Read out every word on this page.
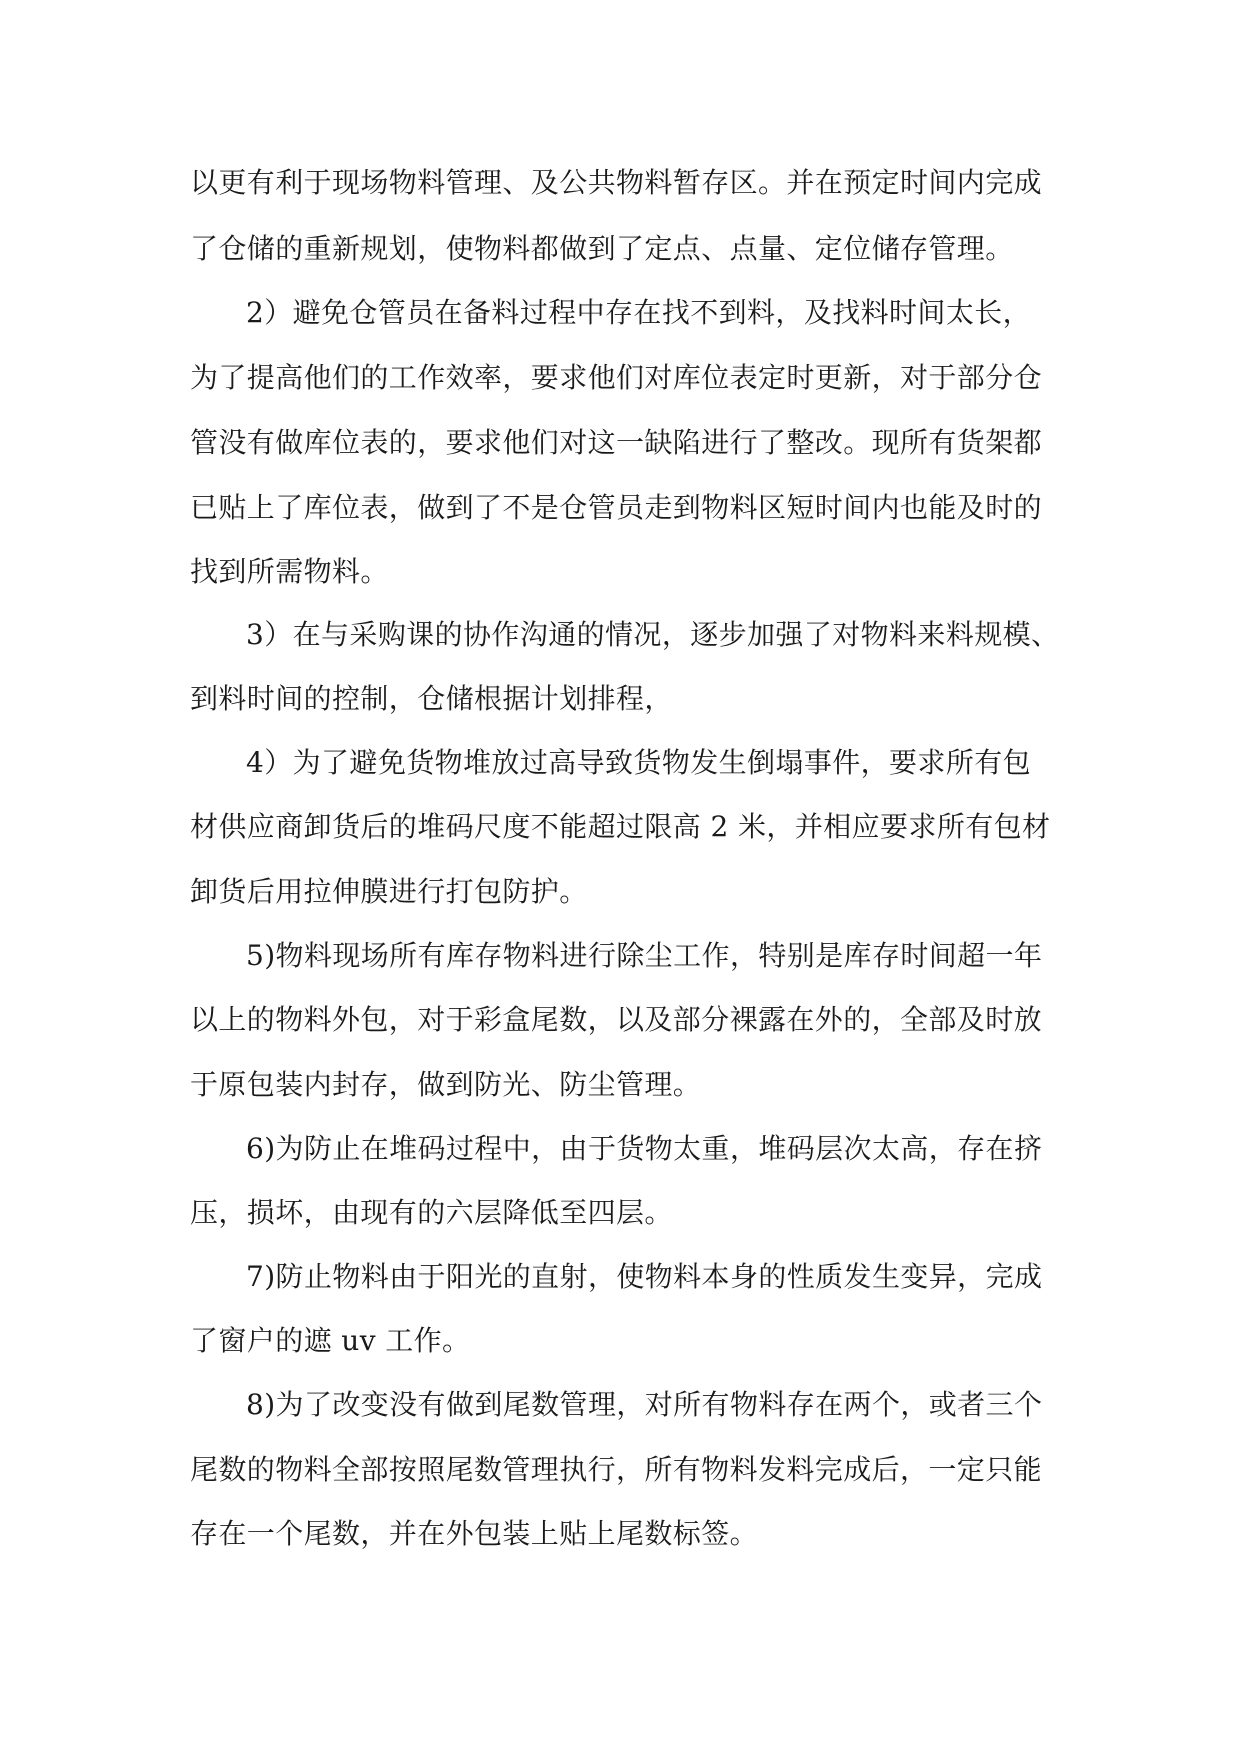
以更有利于现场物料管理、及公共物料暂存区。并在预定时间内完成
了仓储的重新规划，使物料都做到了定点、点量、定位储存管理。
2）避免仓管员在备料过程中存在找不到料，及找料时间太长，
为了提高他们的工作效率，要求他们对库位表定时更新，对于部分仓
管没有做库位表的，要求他们对这一缺陷进行了整改。现所有货架都
已贴上了库位表，做到了不是仓管员走到物料区短时间内也能及时的
找到所需物料。
3）在与采购课的协作沟通的情况，逐步加强了对物料来料规模、
到料时间的控制，仓储根据计划排程，
4）为了避免货物堆放过高导致货物发生倒塌事件，要求所有包
材供应商卸货后的堆码尺度不能超过限高 2 米，并相应要求所有包材
卸货后用拉伸膜进行打包防护。
5)物料现场所有库存物料进行除尘工作，特别是库存时间超一年
以上的物料外包，对于彩盒尾数，以及部分裸露在外的，全部及时放
于原包装内封存，做到防光、防尘管理。
6)为防止在堆码过程中，由于货物太重，堆码层次太高，存在挤
压，损坏，由现有的六层降低至四层。
7)防止物料由于阳光的直射，使物料本身的性质发生变异，完成
了窗户的遮 uv 工作。
8)为了改变没有做到尾数管理，对所有物料存在两个，或者三个
尾数的物料全部按照尾数管理执行，所有物料发料完成后，一定只能
存在一个尾数，并在外包装上贴上尾数标签。
